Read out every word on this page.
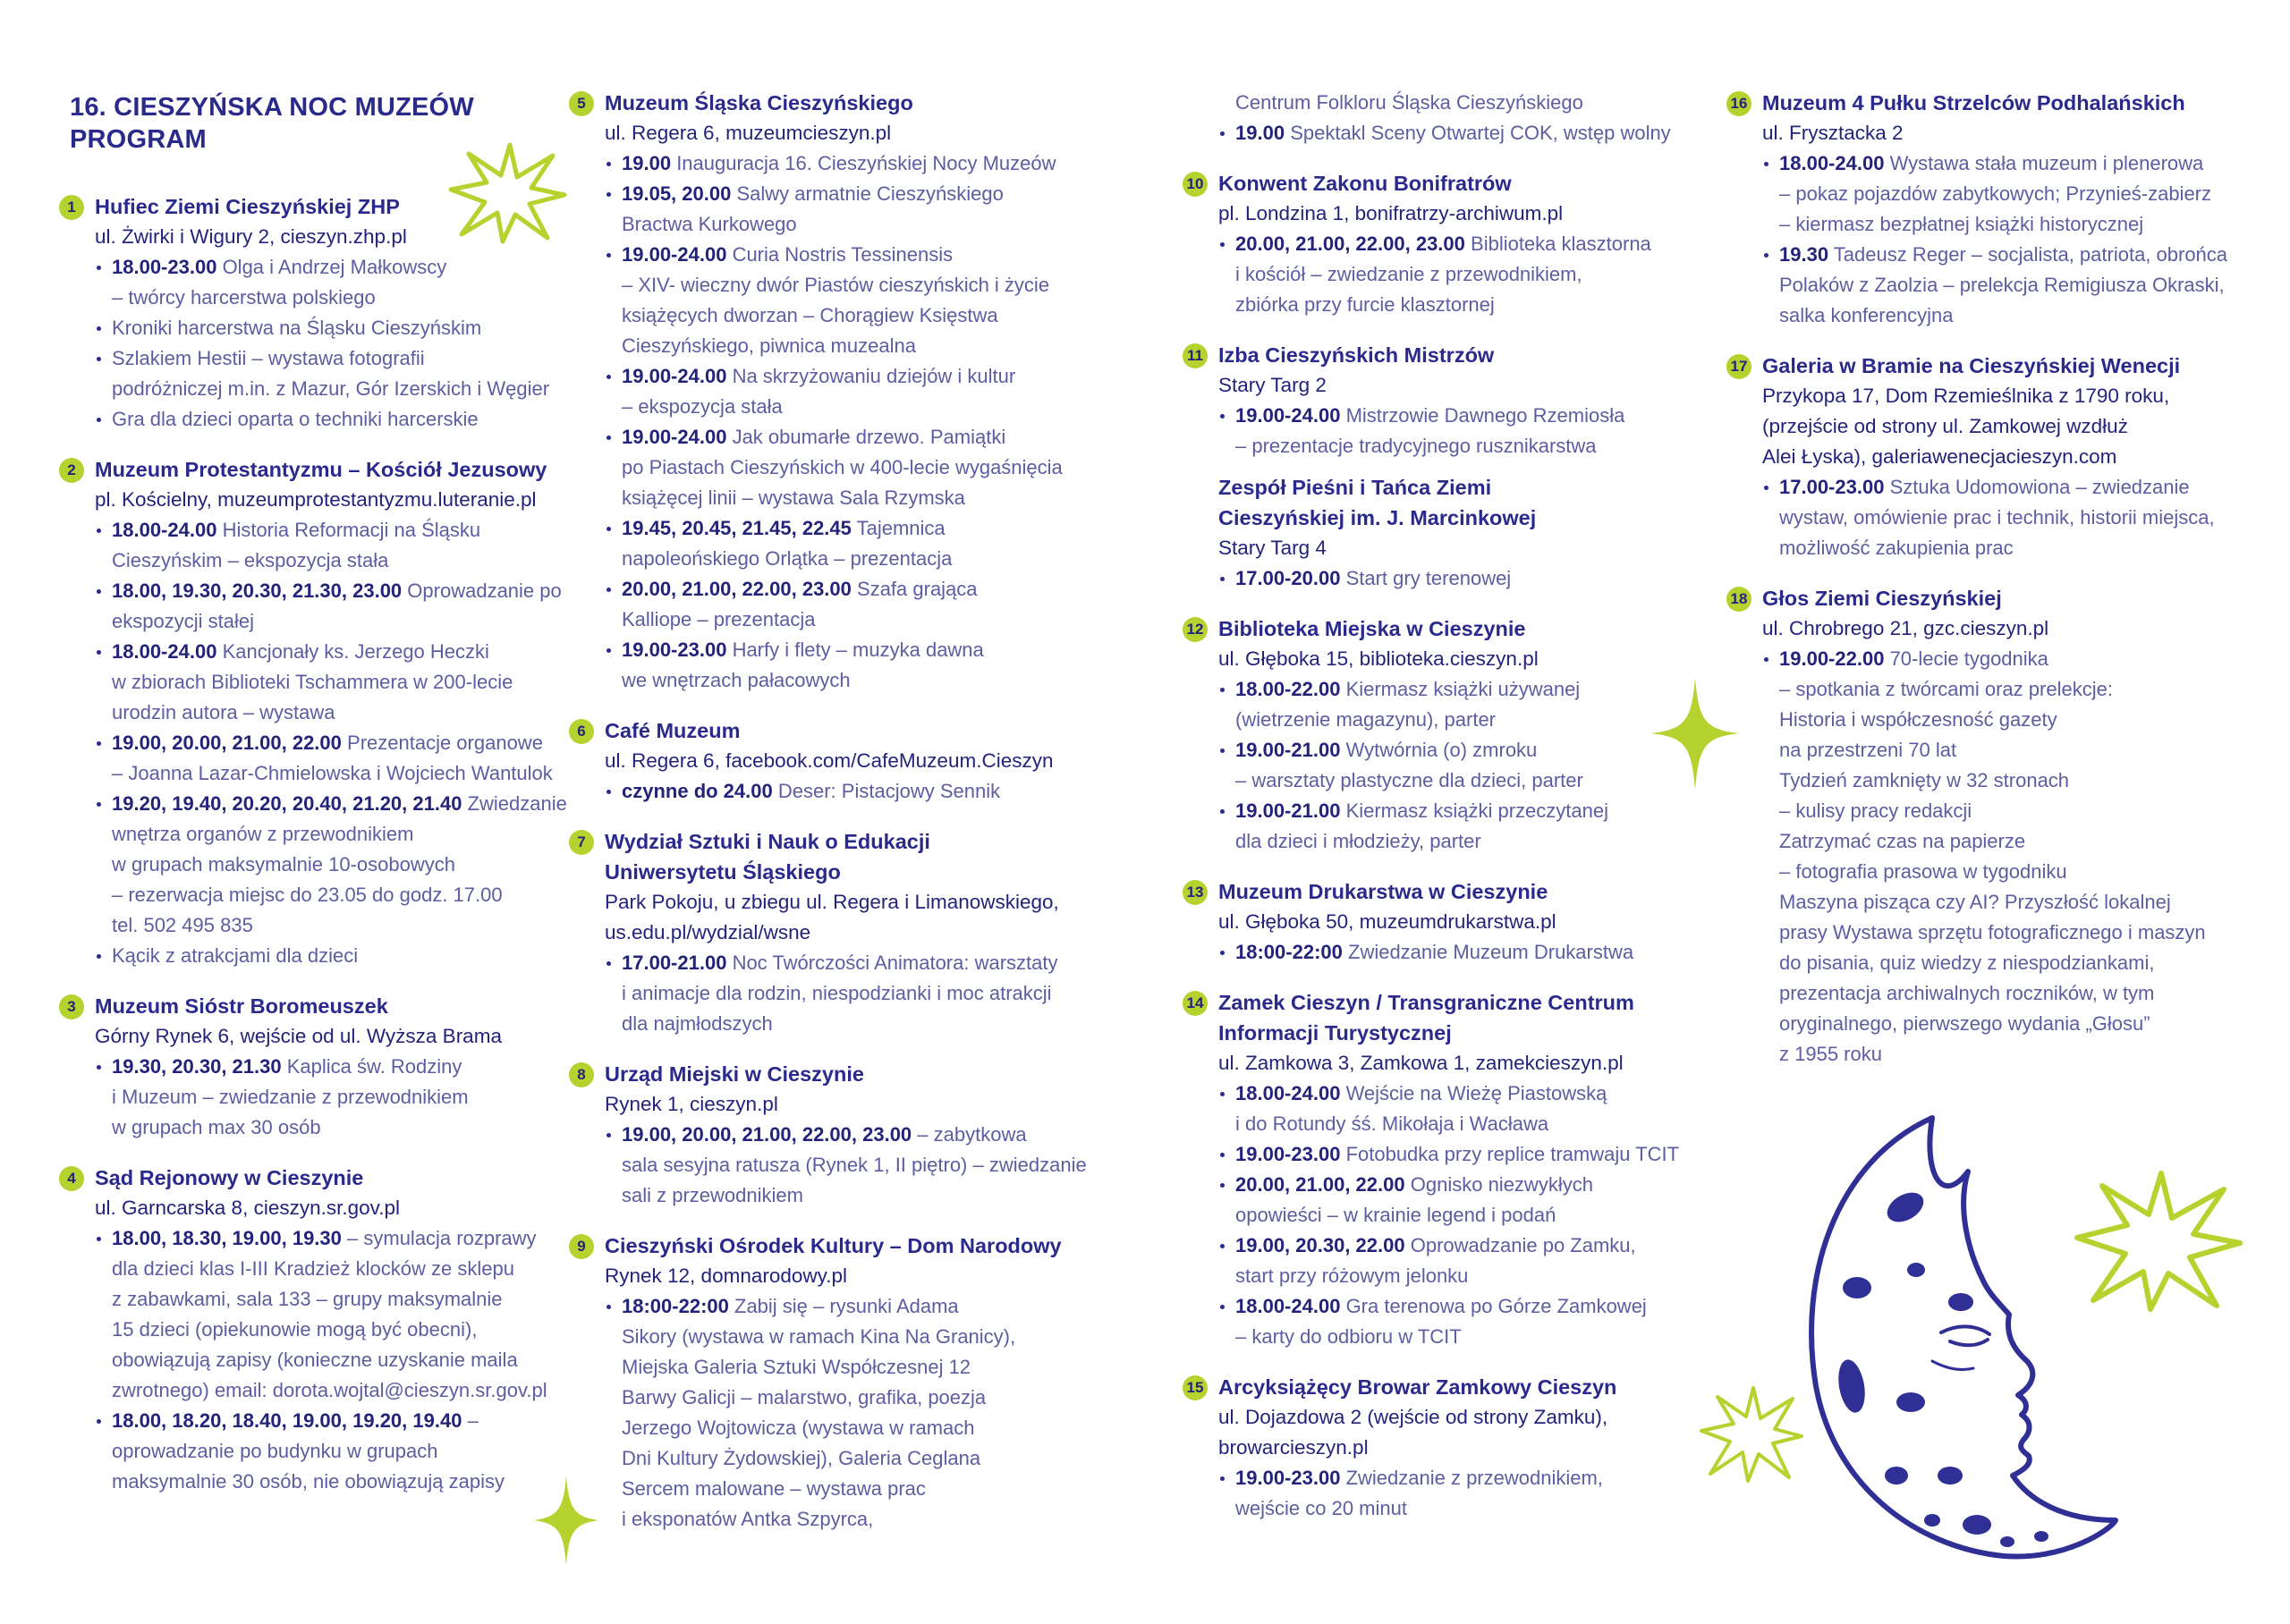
16. CIESZYŃSKA NOC MUZEÓW
PROGRAM
1 Hufiec Ziemi Cieszyńskiej ZHP
ul. Żwirki i Wigury 2, cieszyn.zhp.pl
18.00-23.00 Olga i Andrzej Małkowscy
– twórcy harcerstwa polskiego
Kroniki harcerstwa na Śląsku Cieszyńskim
Szlakiem Hestii – wystawa fotografii
podróżniczej m.in. z Mazur, Gór Izerskich i Węgier
Gra dla dzieci oparta o techniki harcerskie
2 Muzeum Protestantyzmu – Kościół Jezusowy
pl. Kościelny, muzeumprotestantyzmu.luteranie.pl
18.00-24.00 Historia Reformacji na Śląsku
Cieszyńskim – ekspozycja stała
18.00, 19.30, 20.30, 21.30, 23.00 Oprowadzanie po ekspozycji stałej
18.00-24.00 Kancjonały ks. Jerzego Heczki
w zbiorach Biblioteki Tschammera w 200-lecie
urodzin autora – wystawa
19.00, 20.00, 21.00, 22.00 Prezentacje organowe
– Joanna Lazar-Chmielowska i Wojciech Wantulok
19.20, 19.40, 20.20, 20.40, 21.20, 21.40 Zwiedzanie wnętrza organów z przewodnikiem
w grupach maksymalnie 10-osobowych
– rezerwacja miejsc do 23.05 do godz. 17.00
tel. 502 495 835
Kącik z atrakcjami dla dzieci
3 Muzeum Sióstr Boromeuszek
Górny Rynek 6, wejście od ul. Wyższa Brama
19.30, 20.30, 21.30 Kaplica św. Rodziny
i Muzeum – zwiedzanie z przewodnikiem
w grupach max 30 osób
4 Sąd Rejonowy w Cieszynie
ul. Garncarska 8, cieszyn.sr.gov.pl
18.00, 18.30, 19.00, 19.30 – symulacja rozprawy
dla dzieci klas I-III Kradzież klocków ze sklepu
z zabawkami, sala 133 – grupy maksymalnie
15 dzieci (opiekunowie mogą być obecni),
obowiązują zapisy (konieczne uzyskanie maila
zwrotnego) email: dorota.wojtal@cieszyn.sr.gov.pl
18.00, 18.20, 18.40, 19.00, 19.20, 19.40 – oprowadzanie po budynku w grupach
maksymalnie 30 osób, nie obowiązują zapisy
5 Muzeum Śląska Cieszyńskiego
ul. Regera 6, muzeumcieszyn.pl
19.00 Inauguracja 16. Cieszyńskiej Nocy Muzeów
19.05, 20.00 Salwy armatnie Cieszyńskiego
Bractwa Kurkowego
19.00-24.00 Curia Nostris Tessinensis
– XIV- wieczny dwór Piastów cieszyńskich i życie
książęcych dworzan – Chorągiew Księstwa
Cieszyńskiego, piwnica muzealna
19.00-24.00 Na skrzyżowaniu dziejów i kultur
– ekspozycja stała
19.00-24.00 Jak obumarłe drzewo. Pamiątki
po Piastach Cieszyńskich w 400-lecie wygaśnięcia
książęcej linii – wystawa Sala Rzymska
19.45, 20.45, 21.45, 22.45 Tajemnica
napoleońskiego Orlątka – prezentacja
20.00, 21.00, 22.00, 23.00 Szafa grająca
Kalliope – prezentacja
19.00-23.00 Harfy i flety – muzyka dawna
we wnętrzach pałacowych
6 Café Muzeum
ul. Regera 6, facebook.com/CafeMuzeum.Cieszyn
czynne do 24.00 Deser: Pistacjowy Sennik
7 Wydział Sztuki i Nauk o Edukacji
Uniwersytetu Śląskiego
Park Pokoju, u zbiegu ul. Regera i Limanowskiego,
us.edu.pl/wydzial/wsne
17.00-21.00 Noc Twórczości Animatora: warsztaty
i animacje dla rodzin, niespodzianki i moc atrakcji
dla najmłodszych
8 Urząd Miejski w Cieszynie
Rynek 1, cieszyn.pl
19.00, 20.00, 21.00, 22.00, 23.00 – zabytkowa
sala sesyjna ratusza (Rynek 1, II piętro) – zwiedzanie
sali z przewodnikiem
9 Cieszyński Ośrodek Kultury – Dom Narodowy
Rynek 12, domnarodowy.pl
18:00-22:00 Zabij się – rysunki Adama
Sikory (wystawa w ramach Kina Na Granicy),
Miejska Galeria Sztuki Współczesnej 12
Barwy Galicji – malarstwo, grafika, poezja
Jerzego Wojtowicza (wystawa w ramach
Dni Kultury Żydowskiej), Galeria Ceglana
Sercem malowane – wystawa prac
i eksponatów Antka Szpyrca,
Centrum Folkloru Śląska Cieszyńskiego
19.00 Spektakl Sceny Otwartej COK, wstęp wolny
10 Konwent Zakonu Bonifratrów
pl. Londzina 1, bonifratrzy-archiwum.pl
20.00, 21.00, 22.00, 23.00 Biblioteka klasztorna
i kościół – zwiedzanie z przewodnikiem,
zbiórka przy furcie klasztornej
11 Izba Cieszyńskich Mistrzów
Stary Targ 2
19.00-24.00 Mistrzowie Dawnego Rzemiosła
– prezentacje tradycyjnego rusznikarstwa
Zespół Pieśni i Tańca Ziemi
Cieszyńskiej im. J. Marcinkowej
Stary Targ 4
17.00-20.00 Start gry terenowej
12 Biblioteka Miejska w Cieszynie
ul. Głęboka 15, biblioteka.cieszyn.pl
18.00-22.00 Kiermasz książki używanej
(wietrzenie magazynu), parter
19.00-21.00 Wytwórnia (o) zmroku
– warsztaty plastyczne dla dzieci, parter
19.00-21.00 Kiermasz książki przeczytanej
dla dzieci i młodzieży, parter
13 Muzeum Drukarstwa w Cieszynie
ul. Głęboka 50, muzeumdrukarstwa.pl
18:00-22:00 Zwiedzanie Muzeum Drukarstwa
14 Zamek Cieszyn / Transgraniczne Centrum
Informacji Turystycznej
ul. Zamkowa 3, Zamkowa 1, zamekcieszyn.pl
18.00-24.00 Wejście na Wieżę Piastowską
i do Rotundy śś. Mikołaja i Wacława
19.00-23.00 Fotobudka przy replice tramwaju TCIT
20.00, 21.00, 22.00 Ognisko niezwykłych
opowieści – w krainie legend i podań
19.00, 20.30, 22.00 Oprowadzanie po Zamku,
start przy różowym jelonku
18.00-24.00 Gra terenowa po Górze Zamkowej
– karty do odbioru w TCIT
15 Arcyksiążęcy Browar Zamkowy Cieszyn
ul. Dojazdowa 2 (wejście od strony Zamku),
browarcieszyn.pl
19.00-23.00 Zwiedzanie z przewodnikiem,
wejście co 20 minut
16 Muzeum 4 Pułku Strzelców Podhalańskich
ul. Frysztacka 2
18.00-24.00 Wystawa stała muzeum i plenerowa
– pokaz pojazdów zabytkowych; Przynieś-zabierz
– kiermasz bezpłatnej książki historycznej
19.30 Tadeusz Reger – socjalista, patriota, obrońca
Polaków z Zaolzia – prelekcja Remigiusza Okraski,
salka konferencyjna
17 Galeria w Bramie na Cieszyńskiej Wenecji
Przykopa 17, Dom Rzemieślnika z 1790 roku,
(przejście od strony ul. Zamkowej wzdłuż
Alei Łyska), galeriawenecjacieszyn.com
17.00-23.00 Sztuka Udomowiona – zwiedzanie
wystaw, omówienie prac i technik, historii miejsca,
możliwość zakupienia prac
18 Głos Ziemi Cieszyńskiej
ul. Chrobrego 21, gzc.cieszyn.pl
19.00-22.00 70-lecie tygodnika
– spotkania z twórcami oraz prelekcje:
Historia i współczesność gazety
na przestrzeni 70 lat
Tydzień zamknięty w 32 stronach
– kulisy pracy redakcji
Zatrzymać czas na papierze
– fotografia prasowa w tygodniku
Maszyna pisząca czy AI? Przyszłość lokalnej
prasy Wystawa sprzętu fotograficznego i maszyn
do pisania, quiz wiedzy z niespodziankami,
prezentacja archiwalnych roczników, w tym
oryginalnego, pierwszego wydania „Głosu”
z 1955 roku
